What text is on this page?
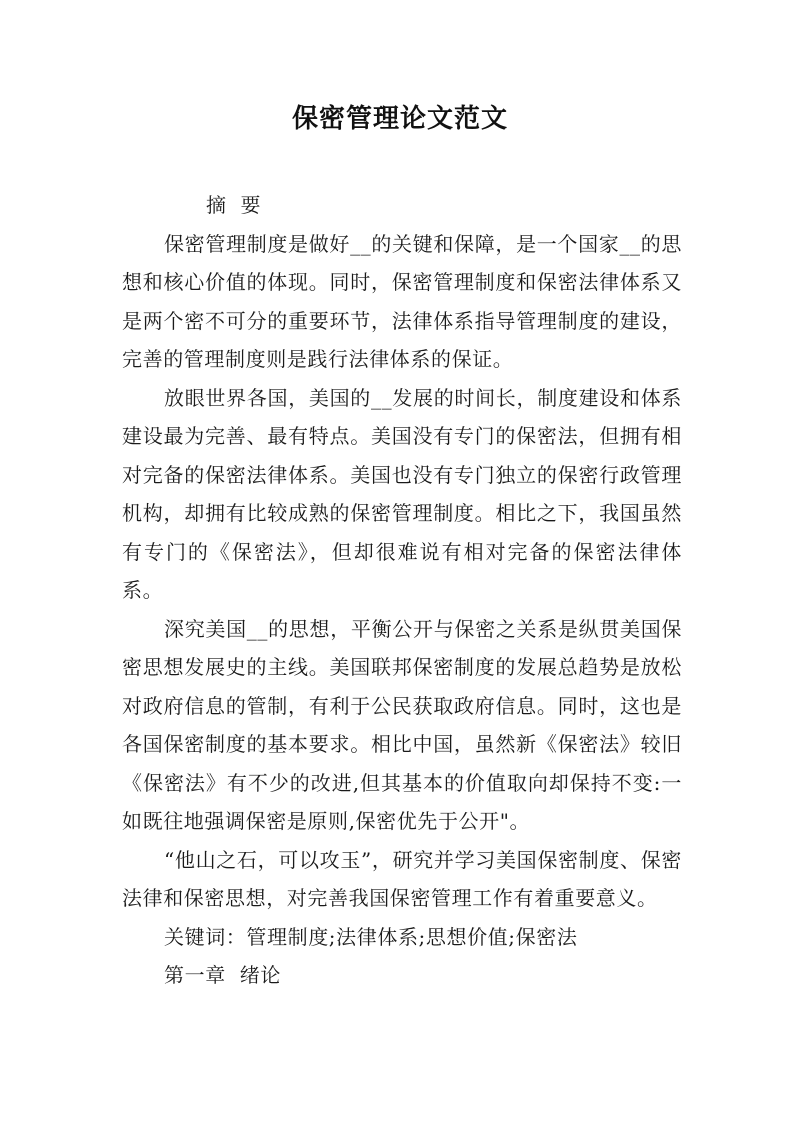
保密管理论文范文

摘  要

保密管理制度是做好__的关键和保障，是一个国家__的思想和核心价值的体现。同时，保密管理制度和保密法律体系又是两个密不可分的重要环节，法律体系指导管理制度的建设，完善的管理制度则是践行法律体系的保证。

放眼世界各国，美国的__发展的时间长，制度建设和体系建设最为完善、最有特点。美国没有专门的保密法，但拥有相对完备的保密法律体系。美国也没有专门独立的保密行政管理机构，却拥有比较成熟的保密管理制度。相比之下，我国虽然有专门的《保密法》，但却很难说有相对完备的保密法律体系。

深究美国__的思想，平衡公开与保密之关系是纵贯美国保密思想发展史的主线。美国联邦保密制度的发展总趋势是放松对政府信息的管制，有利于公民获取政府信息。同时，这也是各国保密制度的基本要求。相比中国，虽然新《保密法》较旧《保密法》有不少的改进,但其基本的价值取向却保持不变:一如既往地强调保密是原则,保密优先于公开"。

“他山之石，可以攻玉”，研究并学习美国保密制度、保密法律和保密思想，对完善我国保密管理工作有着重要意义。

关键词：管理制度;法律体系;思想价值;保密法

第一章  绪论
